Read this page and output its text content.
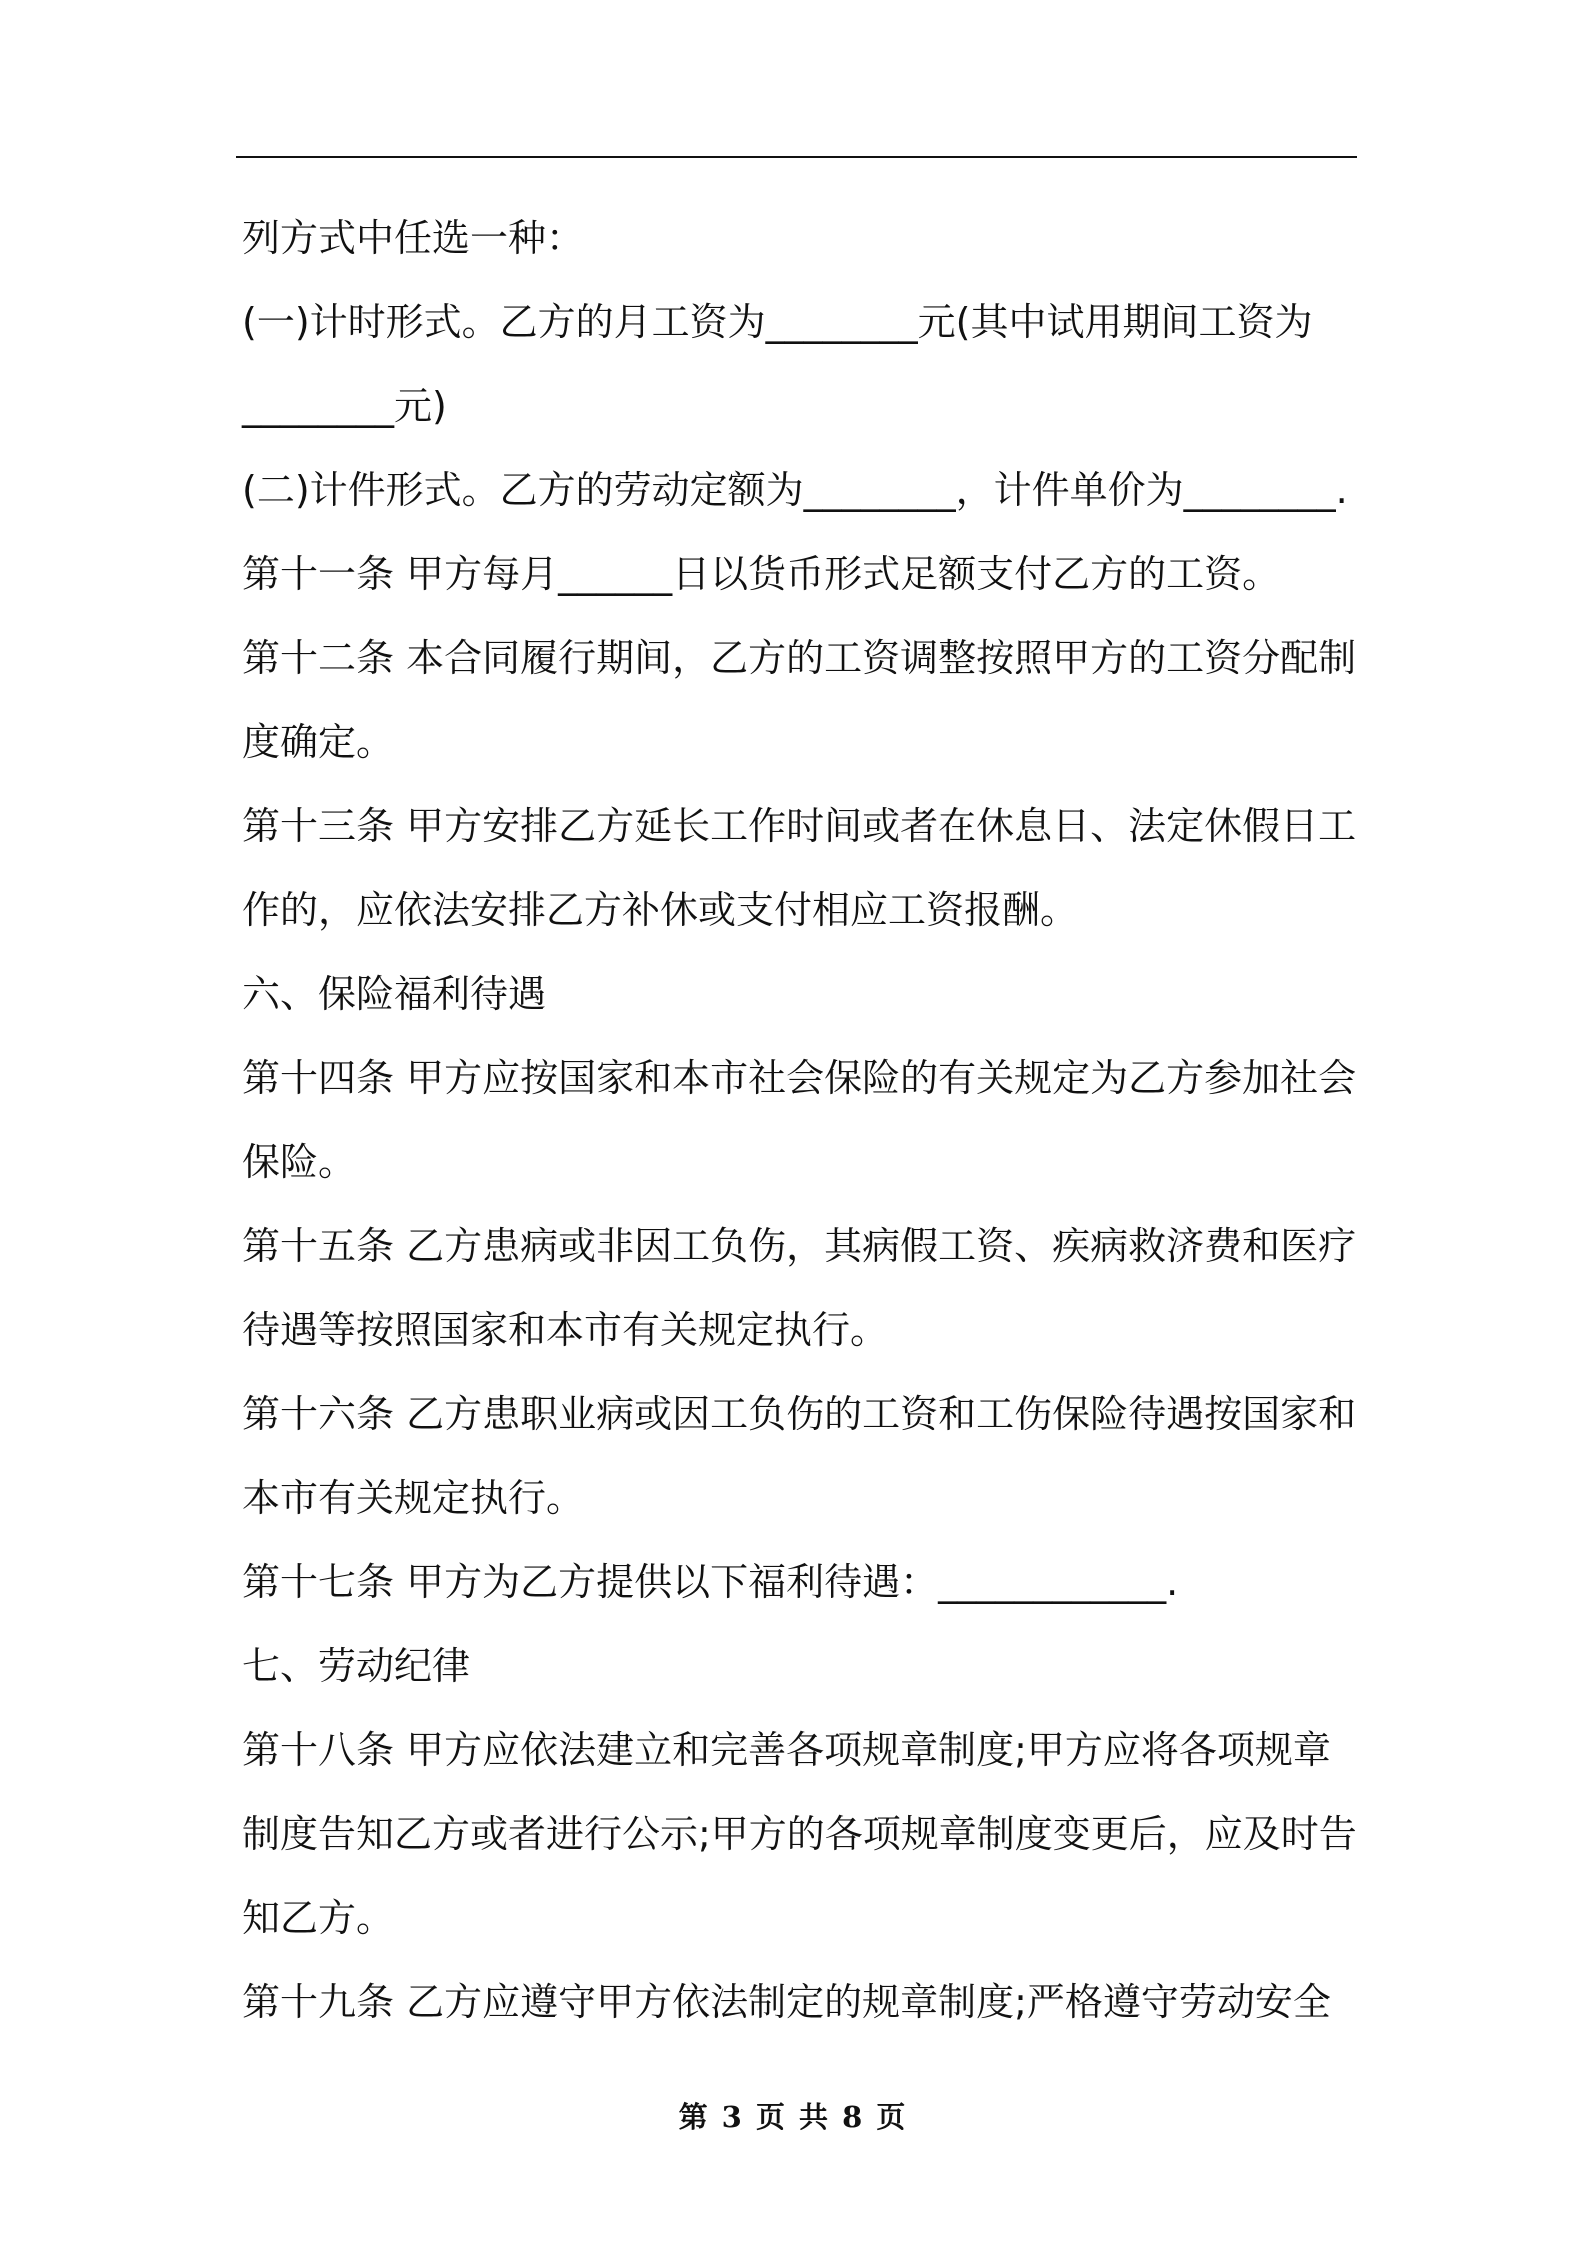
列方式中任选一种：
(一)计时形式。乙方的月工资为________元(其中试用期间工资为
________元)
(二)计件形式。乙方的劳动定额为________，计件单价为________.
第十一条 甲方每月______日以货币形式足额支付乙方的工资。
第十二条 本合同履行期间，乙方的工资调整按照甲方的工资分配制
度确定。
第十三条 甲方安排乙方延长工作时间或者在休息日、法定休假日工
作的，应依法安排乙方补休或支付相应工资报酬。
六、保险福利待遇
第十四条 甲方应按国家和本市社会保险的有关规定为乙方参加社会
保险。
第十五条 乙方患病或非因工负伤，其病假工资、疾病救济费和医疗
待遇等按照国家和本市有关规定执行。
第十六条 乙方患职业病或因工负伤的工资和工伤保险待遇按国家和
本市有关规定执行。
第十七条 甲方为乙方提供以下福利待遇：____________.
七、劳动纪律
第十八条 甲方应依法建立和完善各项规章制度;甲方应将各项规章
制度告知乙方或者进行公示;甲方的各项规章制度变更后，应及时告
知乙方。
第十九条 乙方应遵守甲方依法制定的规章制度;严格遵守劳动安全
第 3 页 共 8 页
